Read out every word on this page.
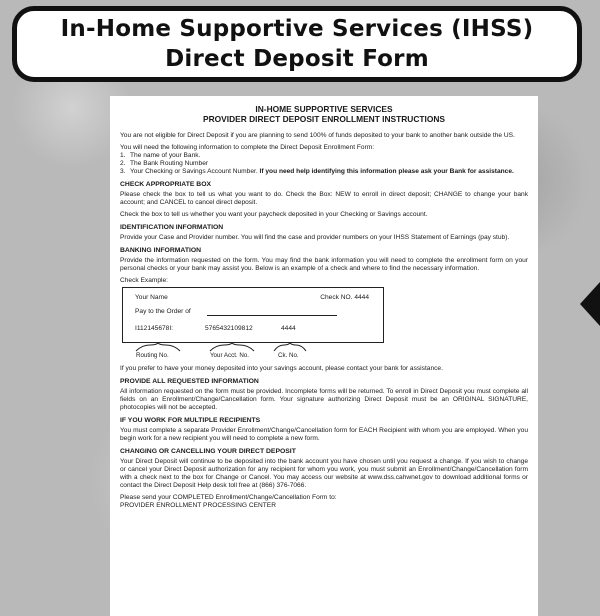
In-Home Supportive Services (IHSS)
Direct Deposit Form
IN-HOME SUPPORTIVE SERVICES
PROVIDER DIRECT DEPOSIT ENROLLMENT INSTRUCTIONS

You are not eligible for Direct Deposit if you are planning to send 100% of funds deposited to your bank to another bank outside the US.

You will need the following information to complete the Direct Deposit Enrollment Form:

1. The name of your Bank.
2. The Bank Routing Number
3. Your Checking or Savings Account Number. If you need help identifying this information please ask your Bank for assistance.
CHECK APPROPRIATE BOX

Please check the box to tell us what you want to do. Check the Box: NEW to enroll in direct deposit; CHANGE to change your bank account; and CANCEL to cancel direct deposit.

Check the box to tell us whether you want your paycheck deposited in your Checking or Savings account.

IDENTIFICATION INFORMATION

Provide your Case and Provider number. You will find the case and provider numbers on your IHSS Statement of Earnings (pay stub).

BANKING INFORMATION

Provide the information requested on the form. You may find the bank information you will need to complete the enrollment form on your personal checks or your bank may assist you. Below is an example of a check and where to find the necessary information.

Check Example:

Your Name	Check NO. 4444
Pay to the Order of
I112145678I:	5765432109812	4444
Routing No.	Your Acct. No.	Ck. No.

If you prefer to have your money deposited into your savings account, please contact your bank for assistance.

PROVIDE ALL REQUESTED INFORMATION

All information requested on the form must be provided. Incomplete forms will be returned. To enroll in Direct Deposit you must complete all fields on an Enrollment/Change/Cancellation form. Your signature authorizing Direct Deposit must be an ORIGINAL SIGNATURE, photocopies will not be accepted.

IF YOU WORK FOR MULTIPLE RECIPIENTS

You must complete a separate Provider Enrollment/Change/Cancellation form for EACH Recipient with whom you are employed. When you begin work for a new recipient you will need to complete a new form.

CHANGING OR CANCELLING YOUR DIRECT DEPOSIT

Your Direct Deposit will continue to be deposited into the bank account you have chosen until you request a change. If you wish to change or cancel your Direct Deposit authorization for any recipient for whom you work, you must submit an Enrollment/Change/Cancellation form with a check next to the box for Change or Cancel. You may access our website at www.dss.cahwnet.gov to download additional forms or contact the Direct Deposit Help desk toll free at (866) 376-7066.

Please send your COMPLETED Enrollment/Change/Cancellation Form to:

PROVIDER ENROLLMENT PROCESSING CENTER
